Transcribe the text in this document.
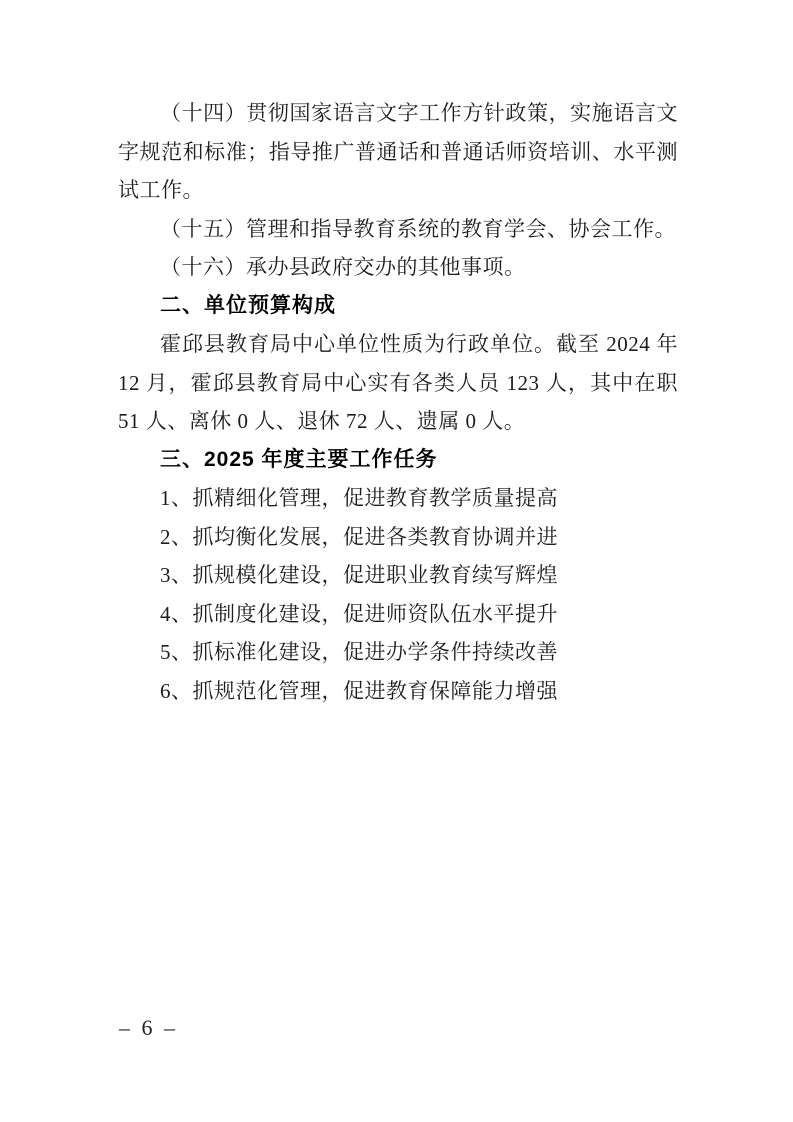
（十四）贯彻国家语言文字工作方针政策，实施语言文
字规范和标准；指导推广普通话和普通话师资培训、水平测
试工作。
（十五）管理和指导教育系统的教育学会、协会工作。
（十六）承办县政府交办的其他事项。
二、单位预算构成
霍邱县教育局中心单位性质为行政单位。截至 2024 年
12 月，霍邱县教育局中心实有各类人员 123 人，其中在职
51 人、离休 0 人、退休 72 人、遗属 0 人。
三、2025 年度主要工作任务
1、抓精细化管理，促进教育教学质量提高
2、抓均衡化发展，促进各类教育协调并进
3、抓规模化建设，促进职业教育续写辉煌
4、抓制度化建设，促进师资队伍水平提升
5、抓标准化建设，促进办学条件持续改善
6、抓规范化管理，促进教育保障能力增强
– 6 –
